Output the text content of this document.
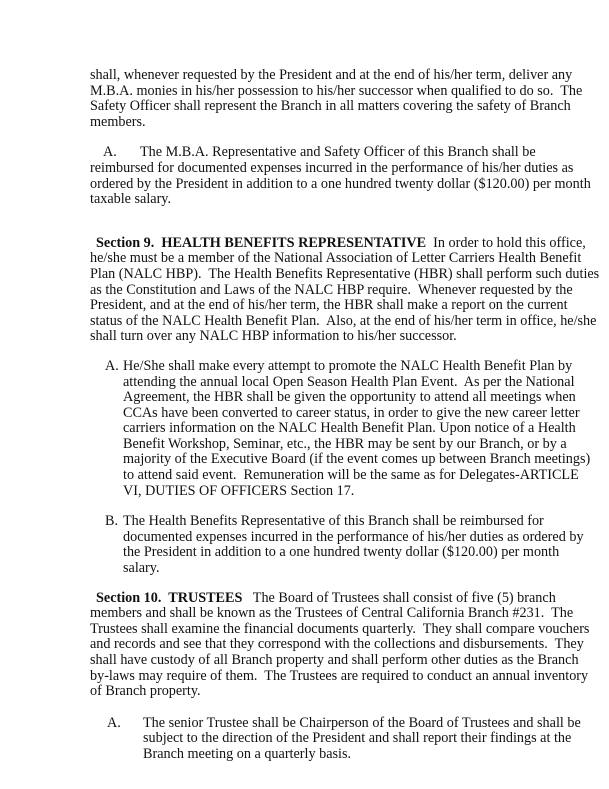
shall, whenever requested by the President and at the end of his/her term, deliver any
M.B.A. monies in his/her possession to his/her successor when qualified to do so.  The
Safety Officer shall represent the Branch in all matters covering the safety of Branch
members.
A.	The M.B.A. Representative and Safety Officer of this Branch shall be
reimbursed for documented expenses incurred in the performance of his/her duties as
ordered by the President in addition to a one hundred twenty dollar ($120.00) per month
taxable salary.
Section 9.  HEALTH BENEFITS REPRESENTATIVE In order to hold this office,
he/she must be a member of the National Association of Letter Carriers Health Benefit
Plan (NALC HBP).  The Health Benefits Representative (HBR) shall perform such duties
as the Constitution and Laws of the NALC HBP require.  Whenever requested by the
President, and at the end of his/her term, the HBR shall make a report on the current
status of the NALC Health Benefit Plan.  Also, at the end of his/her term in office, he/she
shall turn over any NALC HBP information to his/her successor.
A. He/She shall make every attempt to promote the NALC Health Benefit Plan by
attending the annual local Open Season Health Plan Event.  As per the National
Agreement, the HBR shall be given the opportunity to attend all meetings when
CCAs have been converted to career status, in order to give the new career letter
carriers information on the NALC Health Benefit Plan. Upon notice of a Health
Benefit Workshop, Seminar, etc., the HBR may be sent by our Branch, or by a
majority of the Executive Board (if the event comes up between Branch meetings)
to attend said event.  Remuneration will be the same as for Delegates-ARTICLE
VI, DUTIES OF OFFICERS Section 17.
B. The Health Benefits Representative of this Branch shall be reimbursed for
documented expenses incurred in the performance of his/her duties as ordered by
the President in addition to a one hundred twenty dollar ($120.00) per month
salary.
Section 10.  TRUSTEES The Board of Trustees shall consist of five (5) branch
members and shall be known as the Trustees of Central California Branch #231.  The
Trustees shall examine the financial documents quarterly.  They shall compare vouchers
and records and see that they correspond with the collections and disbursements.  They
shall have custody of all Branch property and shall perform other duties as the Branch
by-laws may require of them.  The Trustees are required to conduct an annual inventory
of Branch property.
A. The senior Trustee shall be Chairperson of the Board of Trustees and shall be
subject to the direction of the President and shall report their findings at the
Branch meeting on a quarterly basis.
